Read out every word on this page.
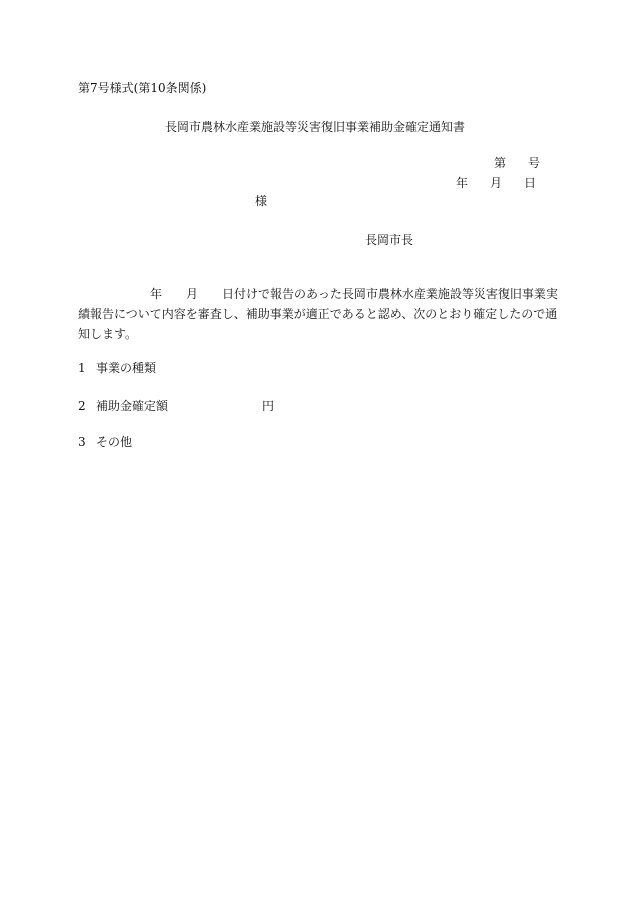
第7号様式(第10条関係)
長岡市農林水産業施設等災害復旧事業補助金確定通知書
第 号
年 月 日
様
長岡市長
年 月 日付けで報告のあった長岡市農林水産業施設等災害復旧事業実
績報告について内容を審査し、補助事業が適正であると認め、次のとおり確定したので通
知します。
1 事業の種類
2 補助金確定額	円
3 その他
